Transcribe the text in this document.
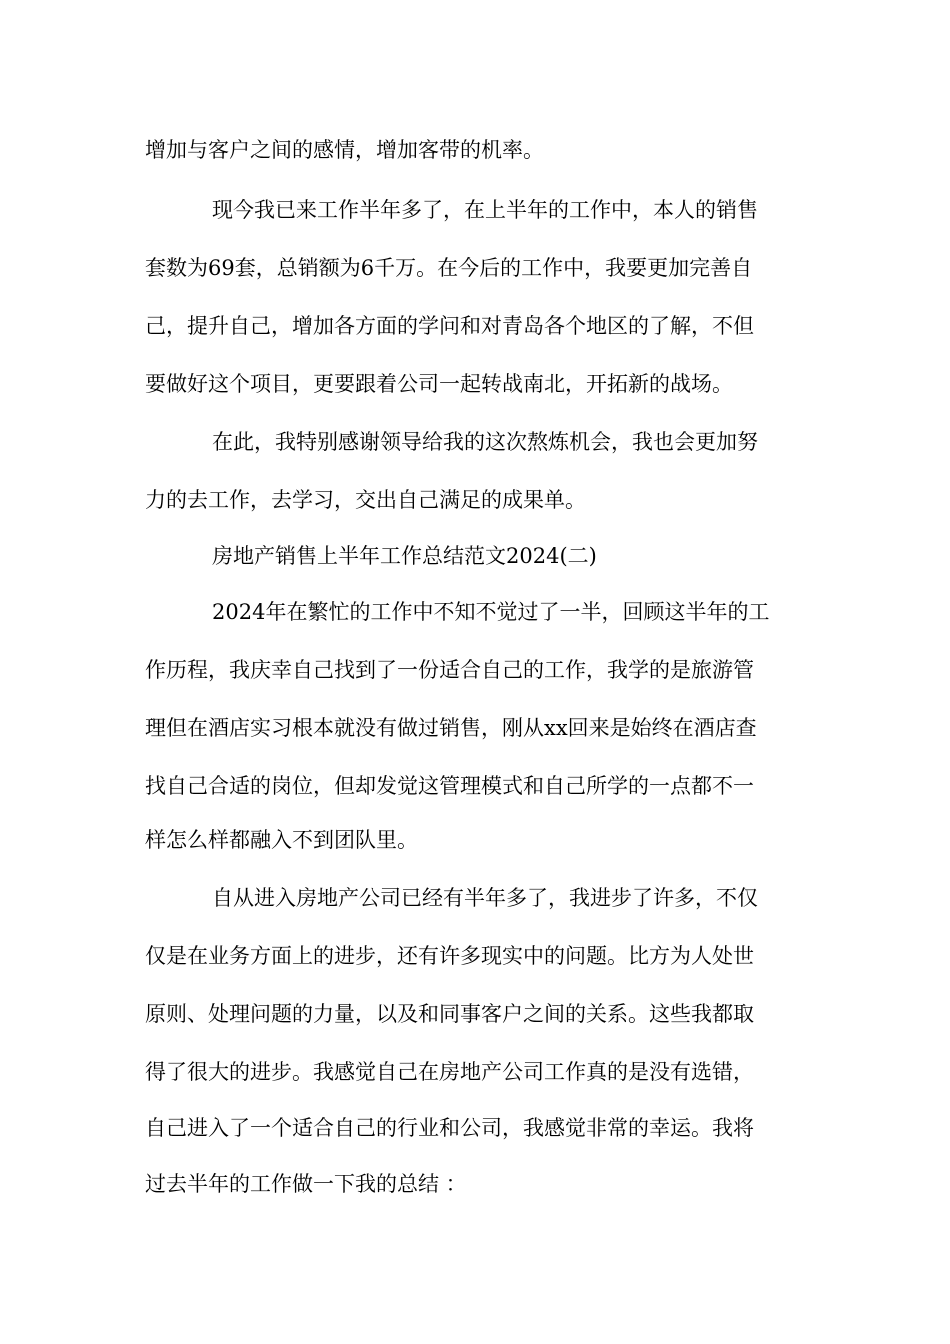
增加与客户之间的感情，增加客带的机率。
现今我已来工作半年多了，在上半年的工作中，本人的销售
套数为69套，总销额为6千万。在今后的工作中，我要更加完善自
己，提升自己，增加各方面的学问和对青岛各个地区的了解，不但
要做好这个项目，更要跟着公司一起转战南北，开拓新的战场。
在此，我特别感谢领导给我的这次熬炼机会，我也会更加努
力的去工作，去学习，交出自己满足的成果单。
房地产销售上半年工作总结范文2024(二)
2024年在繁忙的工作中不知不觉过了一半，回顾这半年的工
作历程，我庆幸自己找到了一份适合自己的工作，我学的是旅游管
理但在酒店实习根本就没有做过销售，刚从xx回来是始终在酒店查
找自己合适的岗位，但却发觉这管理模式和自己所学的一点都不一
样怎么样都融入不到团队里。
自从进入房地产公司已经有半年多了，我进步了许多，不仅
仅是在业务方面上的进步，还有许多现实中的问题。比方为人处世
原则、处理问题的力量，以及和同事客户之间的关系。这些我都取
得了很大的进步。我感觉自己在房地产公司工作真的是没有选错，
自己进入了一个适合自己的行业和公司，我感觉非常的幸运。我将
过去半年的工作做一下我的总结 ：
